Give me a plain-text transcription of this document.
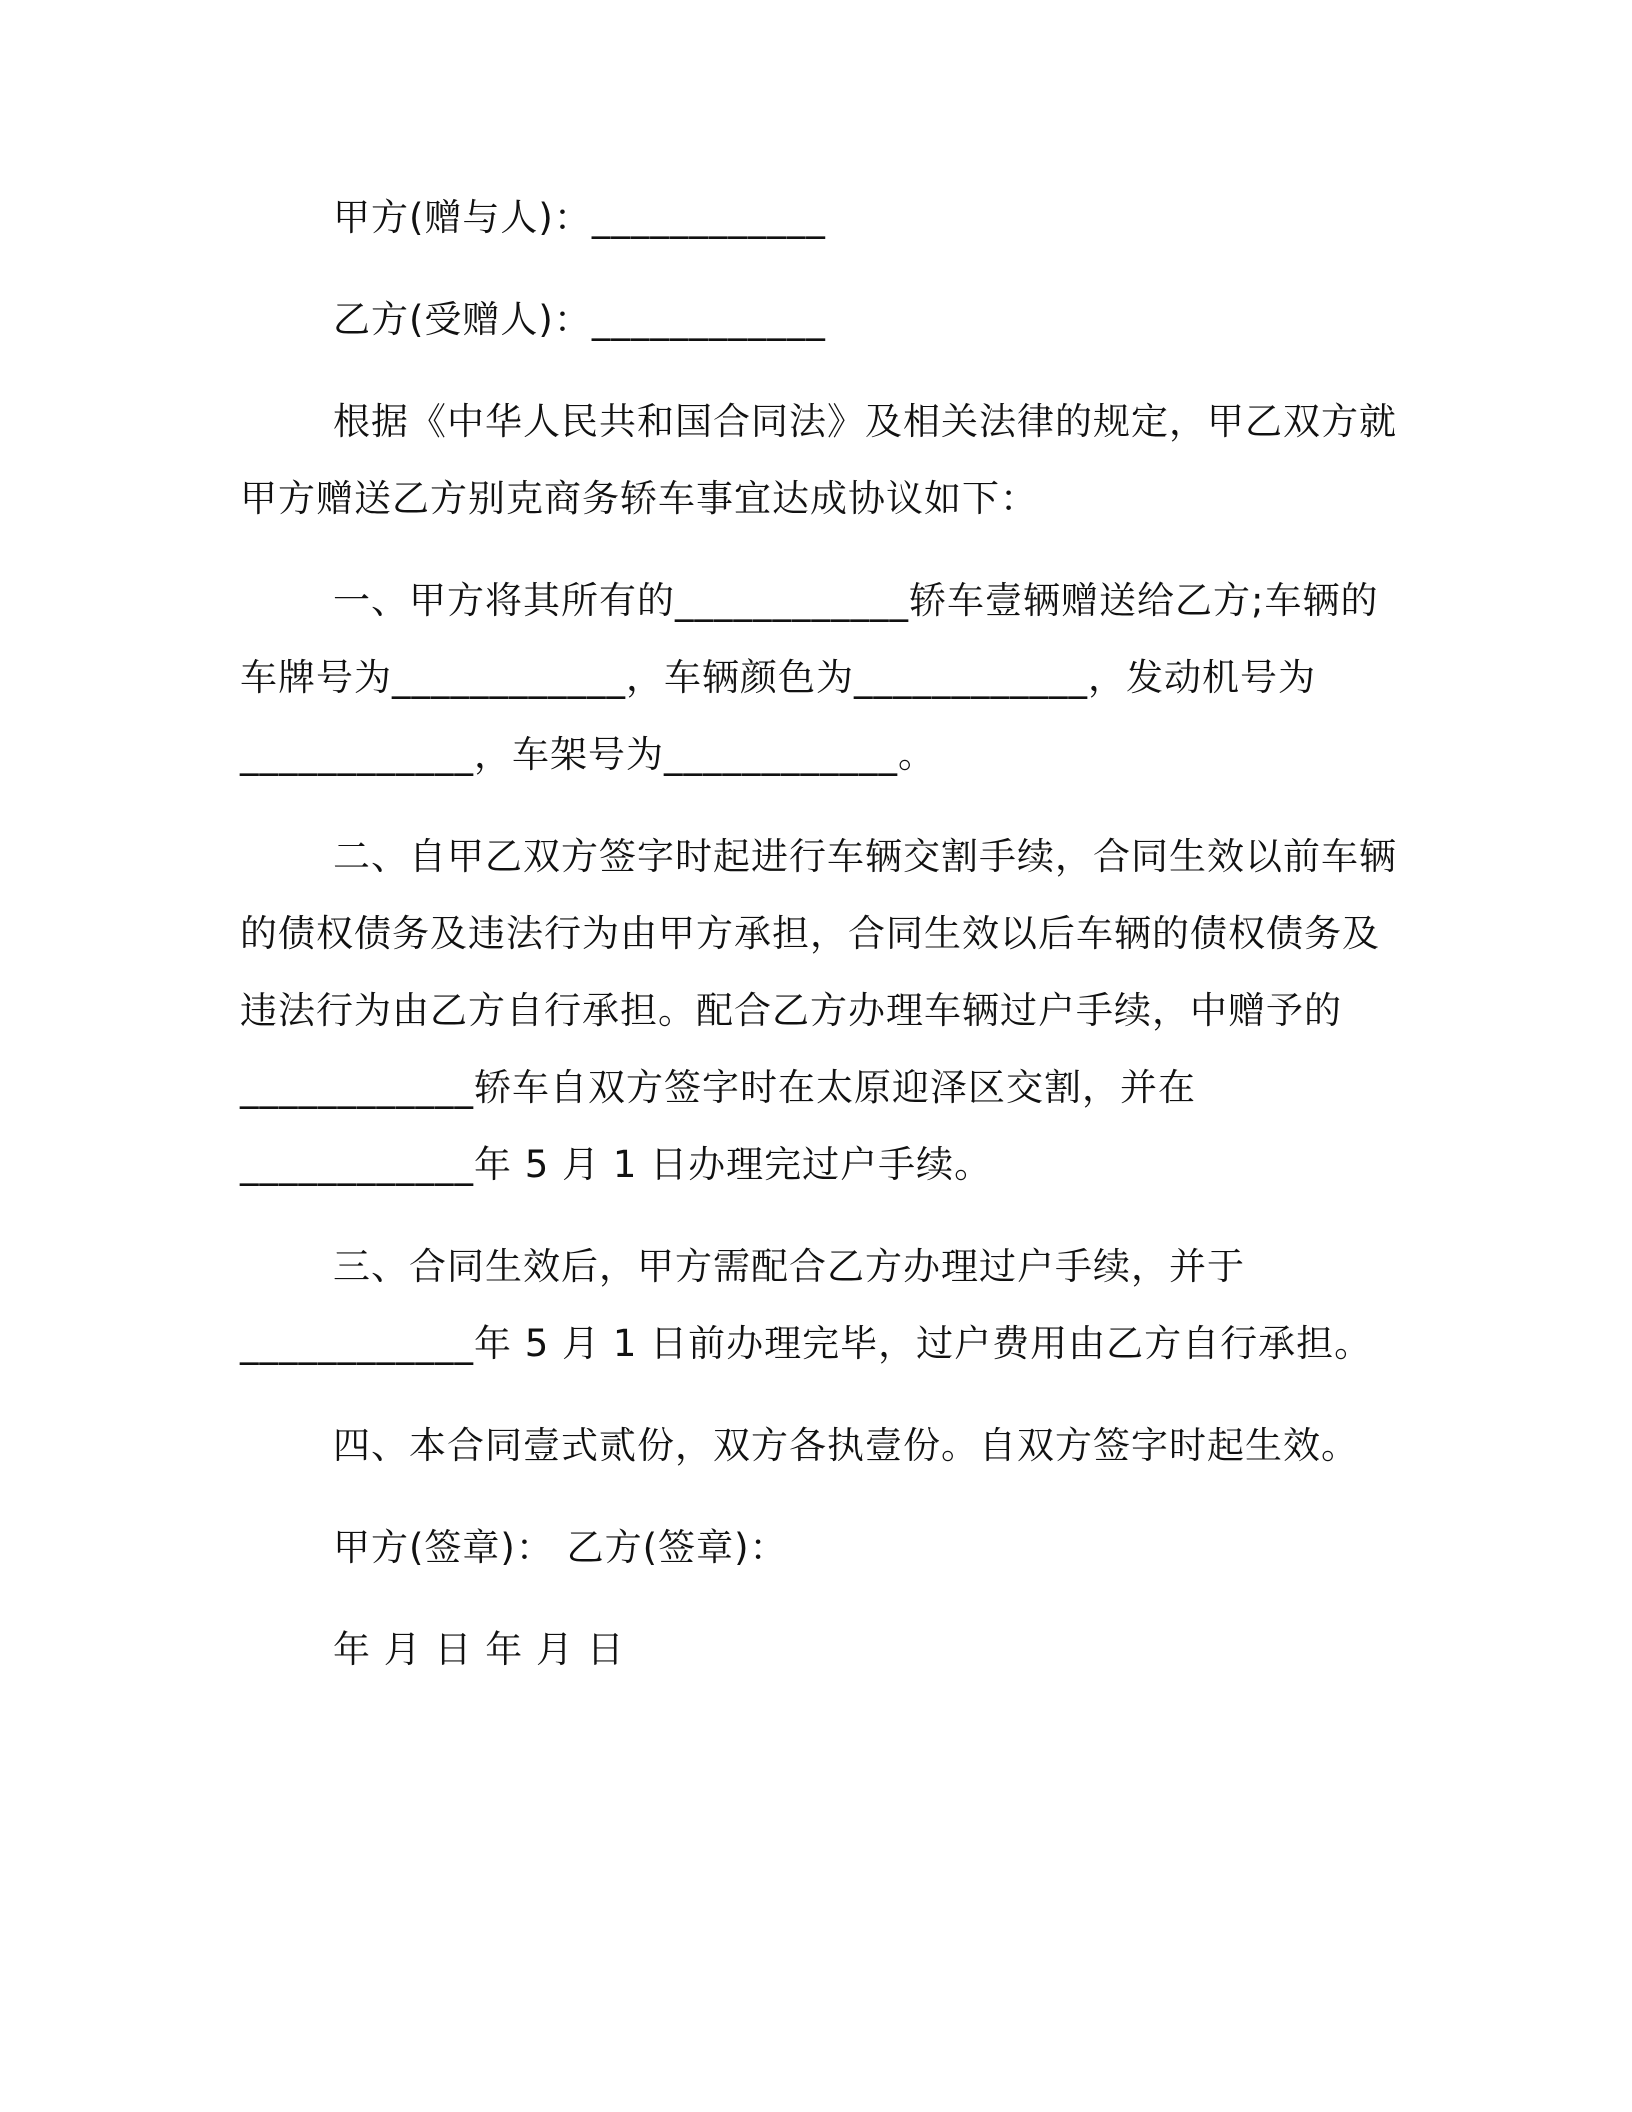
甲方(赠与人)：____________
乙方(受赠人)：____________
根据《中华人民共和国合同法》及相关法律的规定，甲乙双方就
甲方赠送乙方别克商务轿车事宜达成协议如下：
一、甲方将其所有的____________轿车壹辆赠送给乙方;车辆的
车牌号为____________，车辆颜色为____________，发动机号为
____________，车架号为____________。
二、自甲乙双方签字时起进行车辆交割手续，合同生效以前车辆
的债权债务及违法行为由甲方承担，合同生效以后车辆的债权债务及
违法行为由乙方自行承担。配合乙方办理车辆过户手续，中赠予的
____________轿车自双方签字时在太原迎泽区交割，并在
____________年 5 月 1 日办理完过户手续。
三、合同生效后，甲方需配合乙方办理过户手续，并于
____________年 5 月 1 日前办理完毕，过户费用由乙方自行承担。
四、本合同壹式贰份，双方各执壹份。自双方签字时起生效。
甲方(签章)： 乙方(签章)：
年 月 日 年 月 日
